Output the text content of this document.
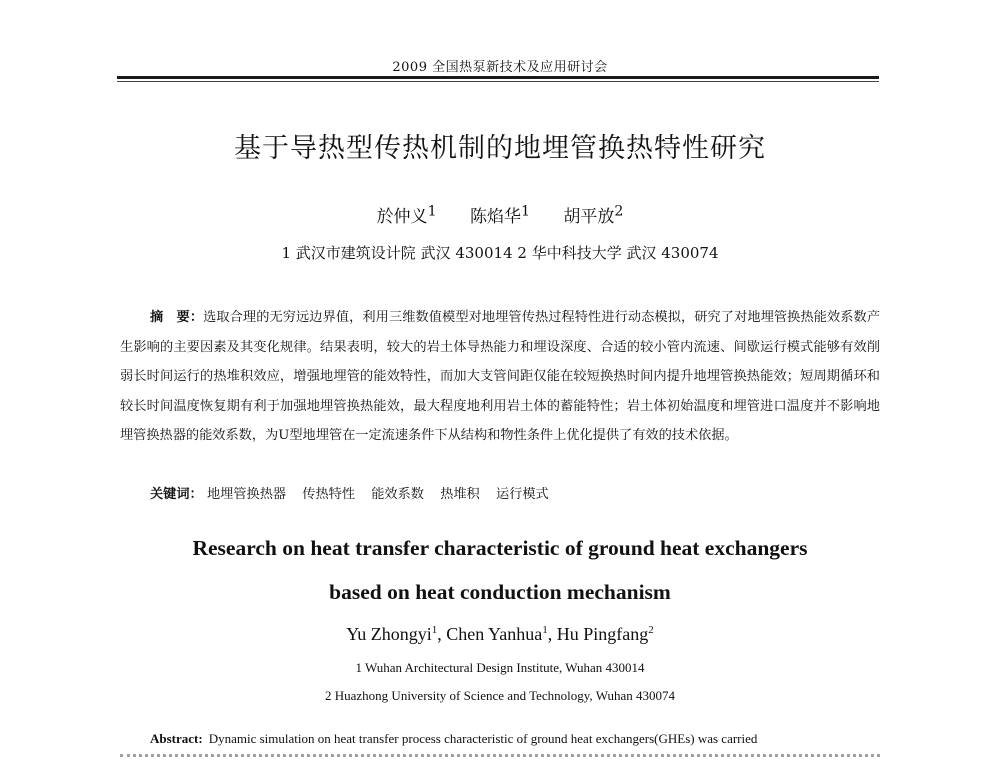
2009 全国热泵新技术及应用研讨会
基于导热型传热机制的地埋管换热特性研究
於仲义$^1$ 陈焰华$^1$ 胡平放$^2$
1 武汉市建筑设计院 武汉 430014 2 华中科技大学 武汉 430074
摘　要：选取合理的无穷远边界值，利用三维数值模型对地埋管传热过程特性进行动态模拟，研究了对地埋管换热能效系数产生影响的主要因素及其变化规律。结果表明，较大的岩土体导热能力和埋设深度、合适的较小管内流速、间歇运行模式能够有效削弱长时间运行的热堆积效应，增强地埋管的能效特性，而加大支管间距仅能在较短换热时间内提升地埋管换热能效；短周期循环和较长时间温度恢复期有利于加强地埋管换热能效，最大程度地利用岩土体的蓄能特性；岩土体初始温度和埋管进口温度并不影响地埋管换热器的能效系数，为U型地埋管在一定流速条件下从结构和物性条件上优化提供了有效的技术依据。
关键词： 地埋管换热器 传热特性 能效系数 热堆积 运行模式
Research on heat transfer characteristic of ground heat exchangers
based on heat conduction mechanism
Yu Zhongyi$^1$, Chen Yanhua$^1$, Hu Pingfang$^2$
1 Wuhan Architectural Design Institute, Wuhan 430014
2 Huazhong University of Science and Technology, Wuhan 430074
Abstract: Dynamic simulation on heat transfer process characteristic of ground heat exchangers(GHEs) was carried
